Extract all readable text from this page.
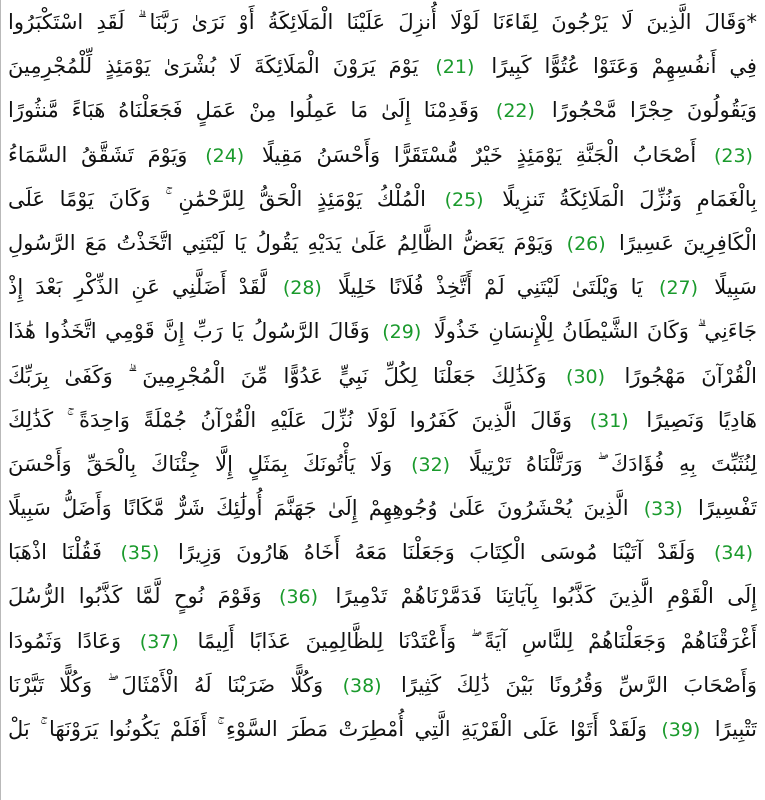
*وَقَالَ الَّذِينَ لَا يَرْجُونَ لِقَاءَنَا لَوْلَا أُنزِلَ عَلَيْنَا الْمَلَائِكَةُ أَوْ نَرَىٰ رَبَّنَا ۗ لَقَدِ اسْتَكْبَرُوا
فِي أَنفُسِهِمْ وَعَتَوْا عُتُوًّا كَبِيرًا (21) يَوْمَ يَرَوْنَ الْمَلَائِكَةَ لَا بُشْرَىٰ يَوْمَئِذٍ لِّلْمُجْرِمِينَ
وَيَقُولُونَ حِجْرًا مَّحْجُورًا (22) وَقَدِمْنَا إِلَىٰ مَا عَمِلُوا مِنْ عَمَلٍ فَجَعَلْنَاهُ هَبَاءً مَّنثُورًا
(23) أَصْحَابُ الْجَنَّةِ يَوْمَئِذٍ خَيْرٌ مُّسْتَقَرًّا وَأَحْسَنُ مَقِيلًا (24) وَيَوْمَ تَشَقَّقُ السَّمَاءُ
بِالْغَمَامِ وَنُزِّلَ الْمَلَائِكَةُ تَنزِيلًا (25) الْمُلْكُ يَوْمَئِذٍ الْحَقُّ لِلرَّحْمَٰنِ ۚ وَكَانَ يَوْمًا عَلَى
الْكَافِرِينَ عَسِيرًا (26) وَيَوْمَ يَعَضُّ الظَّالِمُ عَلَىٰ يَدَيْهِ يَقُولُ يَا لَيْتَنِي اتَّخَذْتُ مَعَ الرَّسُولِ
سَبِيلًا (27) يَا وَيْلَتَىٰ لَيْتَنِي لَمْ أَتَّخِذْ فُلَانًا خَلِيلًا (28) لَّقَدْ أَضَلَّنِي عَنِ الذِّكْرِ بَعْدَ إِذْ
جَاءَنِي ۗ وَكَانَ الشَّيْطَانُ لِلْإِنسَانِ خَذُولًا (29) وَقَالَ الرَّسُولُ يَا رَبِّ إِنَّ قَوْمِي اتَّخَذُوا هَٰذَا
الْقُرْآنَ مَهْجُورًا (30) وَكَذَٰلِكَ جَعَلْنَا لِكُلِّ نَبِيٍّ عَدُوًّا مِّنَ الْمُجْرِمِينَ ۗ وَكَفَىٰ بِرَبِّكَ
هَادِيًا وَنَصِيرًا (31) وَقَالَ الَّذِينَ كَفَرُوا لَوْلَا نُزِّلَ عَلَيْهِ الْقُرْآنُ جُمْلَةً وَاحِدَةً ۚ كَذَٰلِكَ
لِنُثَبِّتَ بِهِ فُؤَادَكَ ۖ وَرَتَّلْنَاهُ تَرْتِيلًا (32) وَلَا يَأْتُونَكَ بِمَثَلٍ إِلَّا جِئْنَاكَ بِالْحَقِّ وَأَحْسَنَ
تَفْسِيرًا (33) الَّذِينَ يُحْشَرُونَ عَلَىٰ وُجُوهِهِمْ إِلَىٰ جَهَنَّمَ أُولَٰئِكَ شَرٌّ مَّكَانًا وَأَضَلُّ سَبِيلًا
(34) وَلَقَدْ آتَيْنَا مُوسَى الْكِتَابَ وَجَعَلْنَا مَعَهُ أَخَاهُ هَارُونَ وَزِيرًا (35) فَقُلْنَا اذْهَبَا
إِلَى الْقَوْمِ الَّذِينَ كَذَّبُوا بِآيَاتِنَا فَدَمَّرْنَاهُمْ تَدْمِيرًا (36) وَقَوْمَ نُوحٍ لَّمَّا كَذَّبُوا الرُّسُلَ
أَغْرَقْنَاهُمْ وَجَعَلْنَاهُمْ لِلنَّاسِ آيَةً ۖ وَأَعْتَدْنَا لِلظَّالِمِينَ عَذَابًا أَلِيمًا (37) وَعَادًا وَثَمُودَا
وَأَصْحَابَ الرَّسِّ وَقُرُونًا بَيْنَ ذَٰلِكَ كَثِيرًا (38) وَكُلًّا ضَرَبْنَا لَهُ الْأَمْثَالَ ۖ وَكُلًّا تَبَّرْنَا
تَتْبِيرًا (39) وَلَقَدْ أَتَوْا عَلَى الْقَرْيَةِ الَّتِي أُمْطِرَتْ مَطَرَ السَّوْءِ ۚ أَفَلَمْ يَكُونُوا يَرَوْنَهَا ۚ بَلْ
